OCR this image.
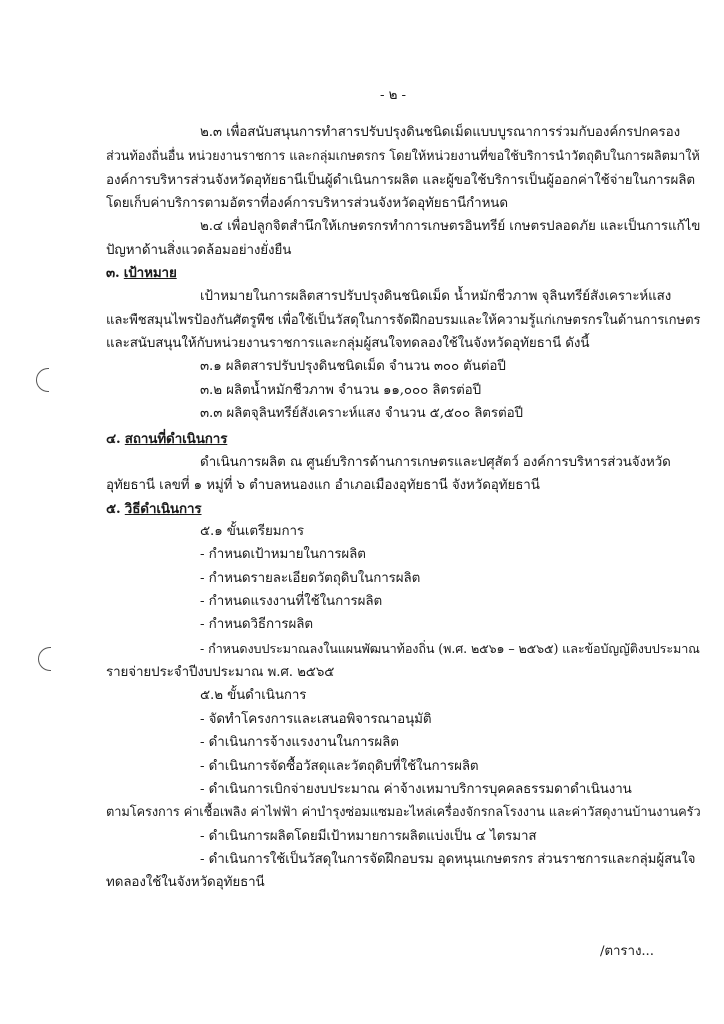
- ๒ -
๒.๓ เพื่อสนับสนุนการทำสารปรับปรุงดินชนิดเม็ดแบบบูรณาการร่วมกับองค์กรปกครอง
ส่วนท้องถิ่นอื่น หน่วยงานราชการ และกลุ่มเกษตรกร โดยให้หน่วยงานที่ขอใช้บริการนำวัตถุดิบในการผลิตมาให้
องค์การบริหารส่วนจังหวัดอุทัยธานีเป็นผู้ดำเนินการผลิต และผู้ขอใช้บริการเป็นผู้ออกค่าใช้จ่ายในการผลิต
โดยเก็บค่าบริการตามอัตราที่องค์การบริหารส่วนจังหวัดอุทัยธานีกำหนด
๒.๔ เพื่อปลูกจิตสำนึกให้เกษตรกรทำการเกษตรอินทรีย์ เกษตรปลอดภัย และเป็นการแก้ไข
ปัญหาด้านสิ่งแวดล้อมอย่างยั่งยืน
๓. เป้าหมาย
เป้าหมายในการผลิตสารปรับปรุงดินชนิดเม็ด น้ำหมักชีวภาพ จุลินทรีย์สังเคราะห์แสง
และพืชสมุนไพรป้องกันศัตรูพืช เพื่อใช้เป็นวัสดุในการจัดฝึกอบรมและให้ความรู้แก่เกษตรกรในด้านการเกษตร
และสนับสนุนให้กับหน่วยงานราชการและกลุ่มผู้สนใจทดลองใช้ในจังหวัดอุทัยธานี ดังนี้
๓.๑ ผลิตสารปรับปรุงดินชนิดเม็ด จำนวน ๓๐๐ ตันต่อปี
๓.๒ ผลิตน้ำหมักชีวภาพ จำนวน ๑๑,๐๐๐ ลิตรต่อปี
๓.๓ ผลิตจุลินทรีย์สังเคราะห์แสง จำนวน ๕,๕๐๐ ลิตรต่อปี
๔. สถานที่ดำเนินการ
ดำเนินการผลิต ณ ศูนย์บริการด้านการเกษตรและปศุสัตว์ องค์การบริหารส่วนจังหวัด
อุทัยธานี เลขที่ ๑ หมู่ที่ ๖ ตำบลหนองแก อำเภอเมืองอุทัยธานี จังหวัดอุทัยธานี
๕. วิธีดำเนินการ
๕.๑ ขั้นเตรียมการ
- กำหนดเป้าหมายในการผลิต
- กำหนดรายละเอียดวัตถุดิบในการผลิต
- กำหนดแรงงานที่ใช้ในการผลิต
- กำหนดวิธีการผลิต
- กำหนดงบประมาณลงในแผนพัฒนาท้องถิ่น (พ.ศ. ๒๕๖๑ – ๒๕๖๕) และข้อบัญญัติงบประมาณ
รายจ่ายประจำปีงบประมาณ พ.ศ. ๒๕๖๕
๕.๒ ขั้นดำเนินการ
- จัดทำโครงการและเสนอพิจารณาอนุมัติ
- ดำเนินการจ้างแรงงานในการผลิต
- ดำเนินการจัดซื้อวัสดุและวัตถุดิบที่ใช้ในการผลิต
- ดำเนินการเบิกจ่ายงบประมาณ ค่าจ้างเหมาบริการบุคคลธรรมดาดำเนินงาน
ตามโครงการ ค่าเชื้อเพลิง ค่าไฟฟ้า ค่าบำรุงซ่อมแซมอะไหล่เครื่องจักรกลโรงงาน และค่าวัสดุงานบ้านงานครัว
- ดำเนินการผลิตโดยมีเป้าหมายการผลิตแบ่งเป็น ๔ ไตรมาส
- ดำเนินการใช้เป็นวัสดุในการจัดฝึกอบรม อุดหนุนเกษตรกร ส่วนราชการและกลุ่มผู้สนใจ
ทดลองใช้ในจังหวัดอุทัยธานี
/ตาราง...
